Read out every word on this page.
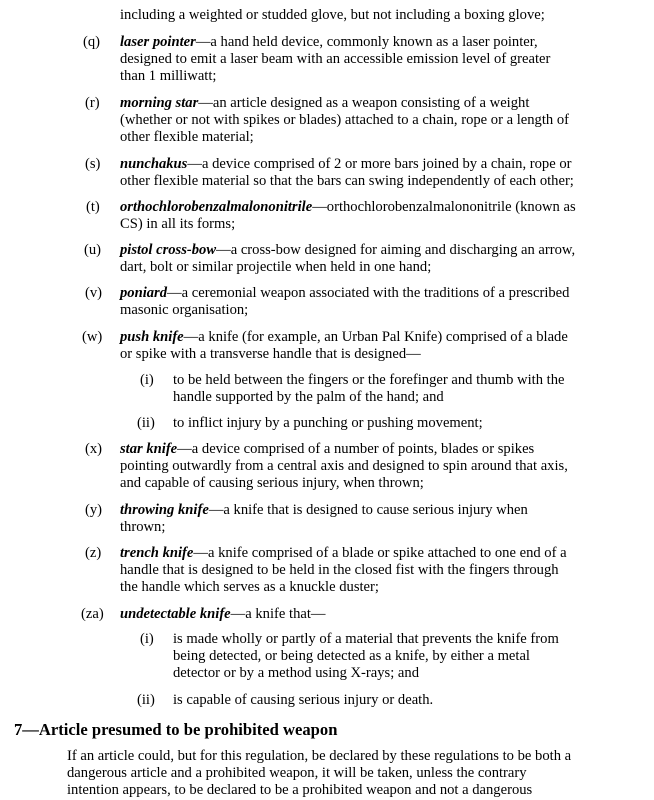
including a weighted or studded glove, but not including a boxing glove;
(q) laser pointer—a hand held device, commonly known as a laser pointer,
designed to emit a laser beam with an accessible emission level of greater
than 1 milliwatt;
(r) morning star—an article designed as a weapon consisting of a weight
(whether or not with spikes or blades) attached to a chain, rope or a length of
other flexible material;
(s) nunchakus—a device comprised of 2 or more bars joined by a chain, rope or
other flexible material so that the bars can swing independently of each other;
(t) orthochlorobenzalmalononitrile—orthochlorobenzalmalononitrile (known as
CS) in all its forms;
(u) pistol cross-bow—a cross-bow designed for aiming and discharging an arrow,
dart, bolt or similar projectile when held in one hand;
(v) poniard—a ceremonial weapon associated with the traditions of a prescribed
masonic organisation;
(w) push knife—a knife (for example, an Urban Pal Knife) comprised of a blade
or spike with a transverse handle that is designed—
(i) to be held between the fingers or the forefinger and thumb with the
handle supported by the palm of the hand; and
(ii) to inflict injury by a punching or pushing movement;
(x) star knife—a device comprised of a number of points, blades or spikes
pointing outwardly from a central axis and designed to spin around that axis,
and capable of causing serious injury, when thrown;
(y) throwing knife—a knife that is designed to cause serious injury when
thrown;
(z) trench knife—a knife comprised of a blade or spike attached to one end of a
handle that is designed to be held in the closed fist with the fingers through
the handle which serves as a knuckle duster;
(za) undetectable knife—a knife that—
(i) is made wholly or partly of a material that prevents the knife from
being detected, or being detected as a knife, by either a metal
detector or by a method using X-rays; and
(ii) is capable of causing serious injury or death.
7—Article presumed to be prohibited weapon
If an article could, but for this regulation, be declared by these regulations to be both a
dangerous article and a prohibited weapon, it will be taken, unless the contrary
intention appears, to be declared to be a prohibited weapon and not a dangerous
